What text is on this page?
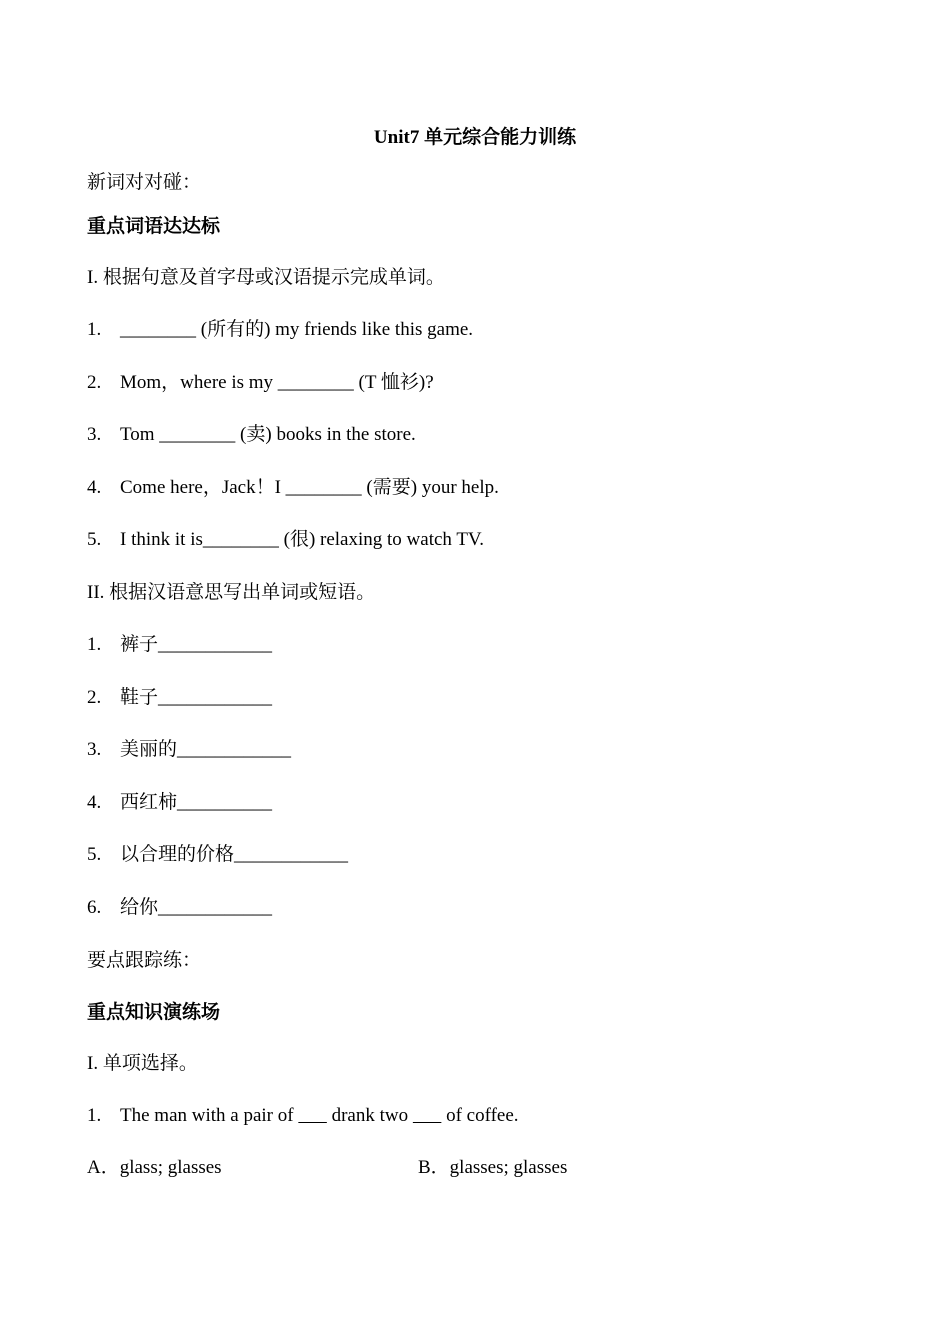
Unit7 单元综合能力训练
新词对对碰：
重点词语达达标
I. 根据句意及首字母或汉语提示完成单词。
1. ________ (所有的) my friends like this game.
2. Mom，where is my ________ (T 恤衫)?
3. Tom ________ (卖) books in the store.
4. Come here，Jack！I ________ (需要) your help.
5. I think it is________ (很) relaxing to watch TV.
II. 根据汉语意思写出单词或短语。
1. 裤子____________
2. 鞋子____________
3. 美丽的____________
4. 西红柿__________
5. 以合理的价格____________
6. 给你____________
要点跟踪练：
重点知识演练场
I. 单项选择。
1. The man with a pair of        drank two        of coffee.
A．glass; glasses	B．glasses; glasses
